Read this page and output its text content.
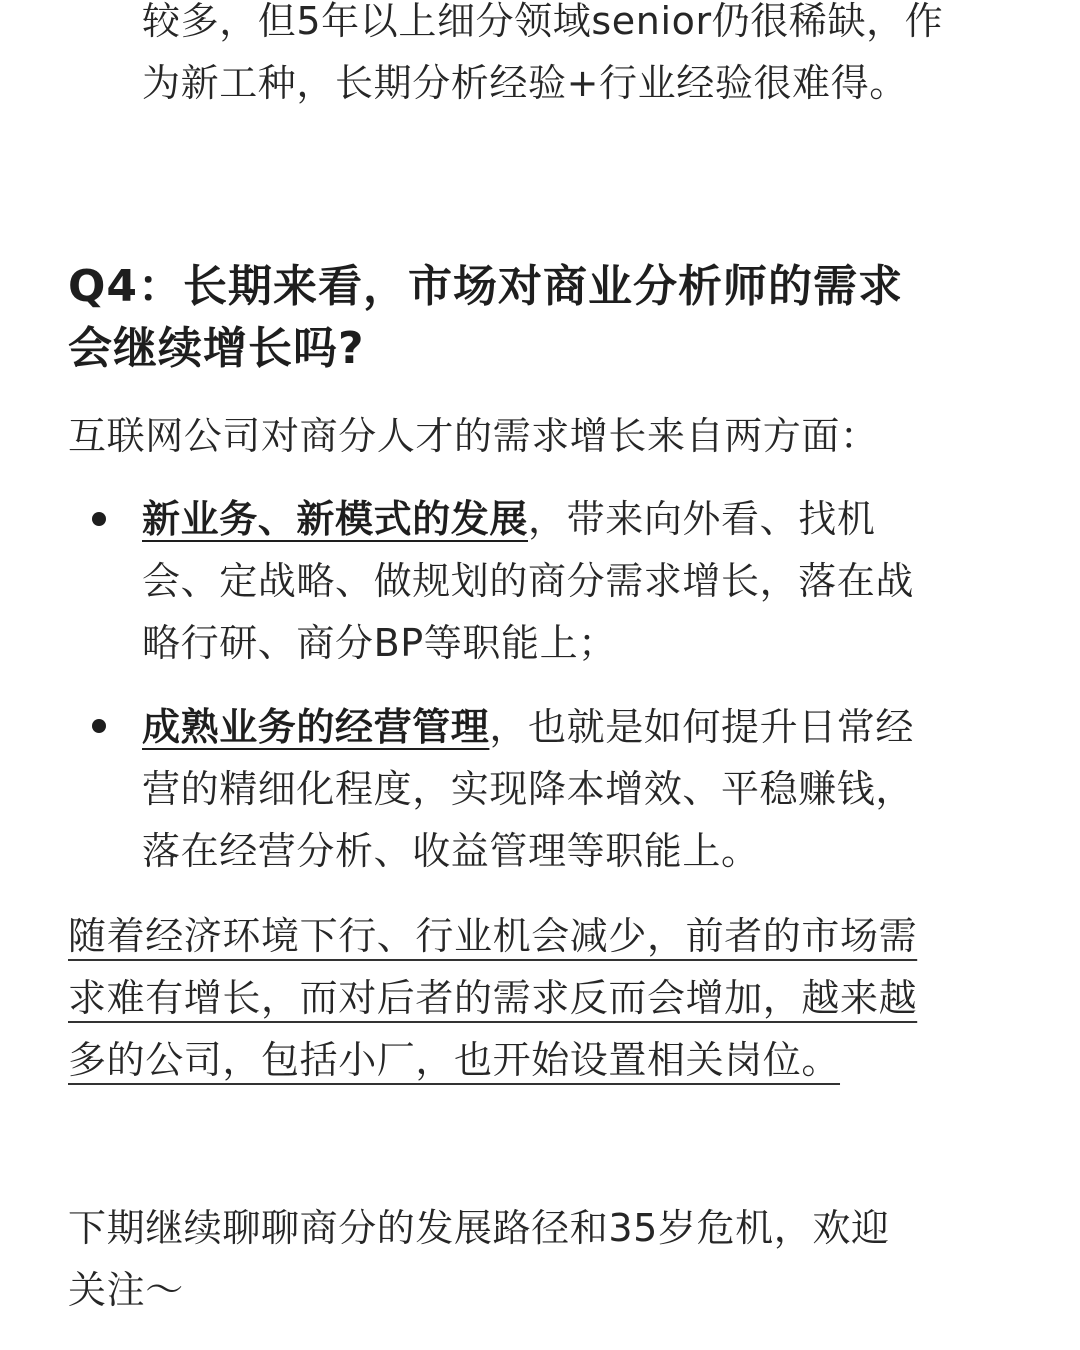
较多，但5年以上细分领域senior仍很稀缺，作
为新工种，长期分析经验+行业经验很难得。
Q4：长期来看，市场对商业分析师的需求
会继续增长吗?
互联网公司对商分人才的需求增长来自两方面：
新业务、新模式的发展，带来向外看、找机
会、定战略、做规划的商分需求增长，落在战
略行研、商分BP等职能上；
成熟业务的经营管理，也就是如何提升日常经
营的精细化程度，实现降本增效、平稳赚钱，
落在经营分析、收益管理等职能上。
随着经济环境下行、行业机会减少，前者的市场需
求难有增长，而对后者的需求反而会增加，越来越
多的公司，包括小厂，也开始设置相关岗位。
下期继续聊聊商分的发展路径和35岁危机，欢迎
关注～
